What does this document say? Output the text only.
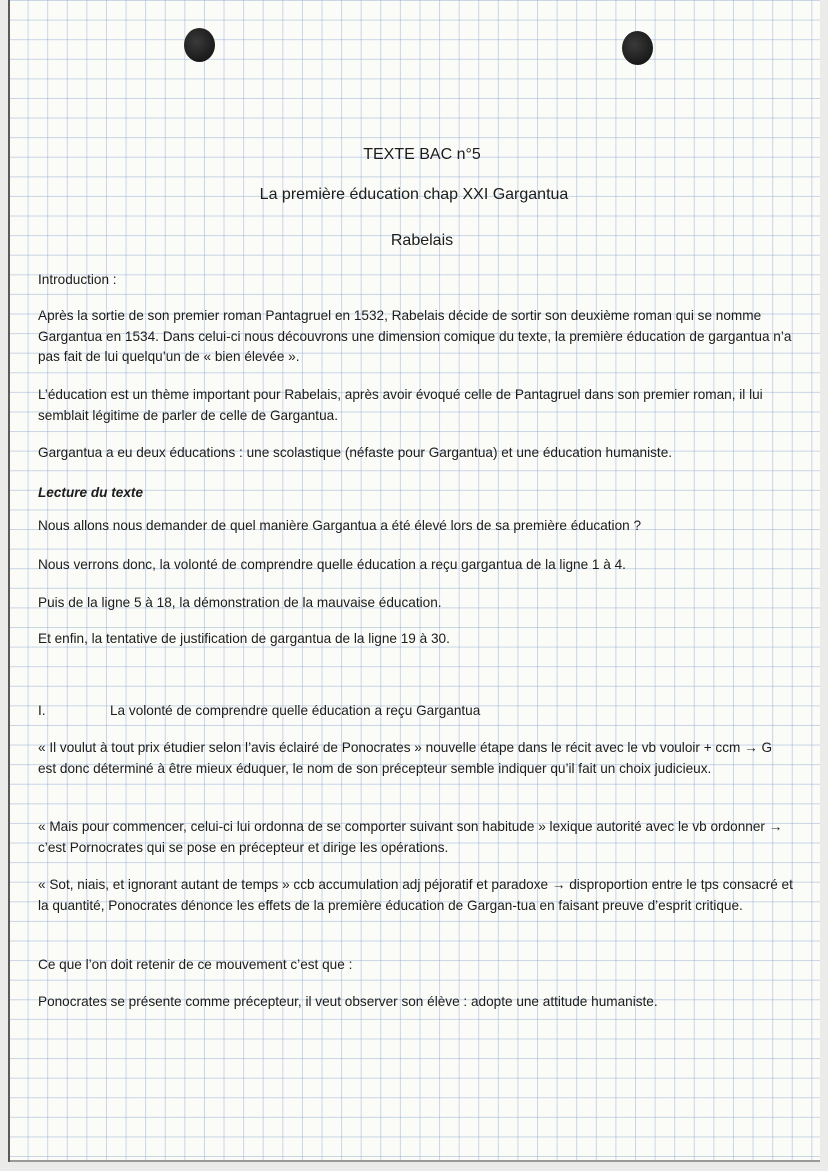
TEXTE BAC n°5
La première éducation chap XXI Gargantua
Rabelais

Introduction :

Après la sortie de son premier roman Pantagruel en 1532, Rabelais décide de sortir son deuxième roman qui se nomme Gargantua en 1534. Dans celui-ci nous découvrons une dimension comique du texte, la première éducation de gargantua n’a pas fait de lui quelqu’un de « bien élevée ».

L’éducation est un thème important pour Rabelais, après avoir évoqué celle de Pantagruel dans son premier roman, il lui semblait légitime de parler de celle de Gargantua.

Gargantua a eu deux éducations : une scolastique (néfaste pour Gargantua) et une éducation humaniste.

Lecture du texte

Nous allons nous demander de quel manière Gargantua a été élevé lors de sa première éducation ?

Nous verrons donc, la volonté de comprendre quelle éducation a reçu gargantua de la ligne 1 à 4.

Puis de la ligne 5 à 18, la démonstration de la mauvaise éducation.

Et enfin, la tentative de justification de gargantua de la ligne 19 à 30.

I.	La volonté de comprendre quelle éducation a reçu Gargantua

« Il voulut à tout prix étudier selon l’avis éclairé de Ponocrates » nouvelle étape dans le récit avec le vb vouloir + ccm → G est donc déterminé à être mieux éduquer, le nom de son précepteur semble indiquer qu’il fait un choix judicieux.

« Mais pour commencer, celui-ci lui ordonna de se comporter suivant son habitude » lexique autorité avec le vb ordonner → c’est Pornocrates qui se pose en précepteur et dirige les opérations.

« Sot, niais, et ignorant autant de temps » ccb accumulation adj péjoratif et paradoxe → disproportion entre le tps consacré et la quantité, Ponocrates dénonce les effets de la première éducation de Gargan-tua en faisant preuve d’esprit critique.

Ce que l’on doit retenir de ce mouvement c’est que :

Ponocrates se présente comme précepteur, il veut observer son élève : adopte une attitude humaniste.
